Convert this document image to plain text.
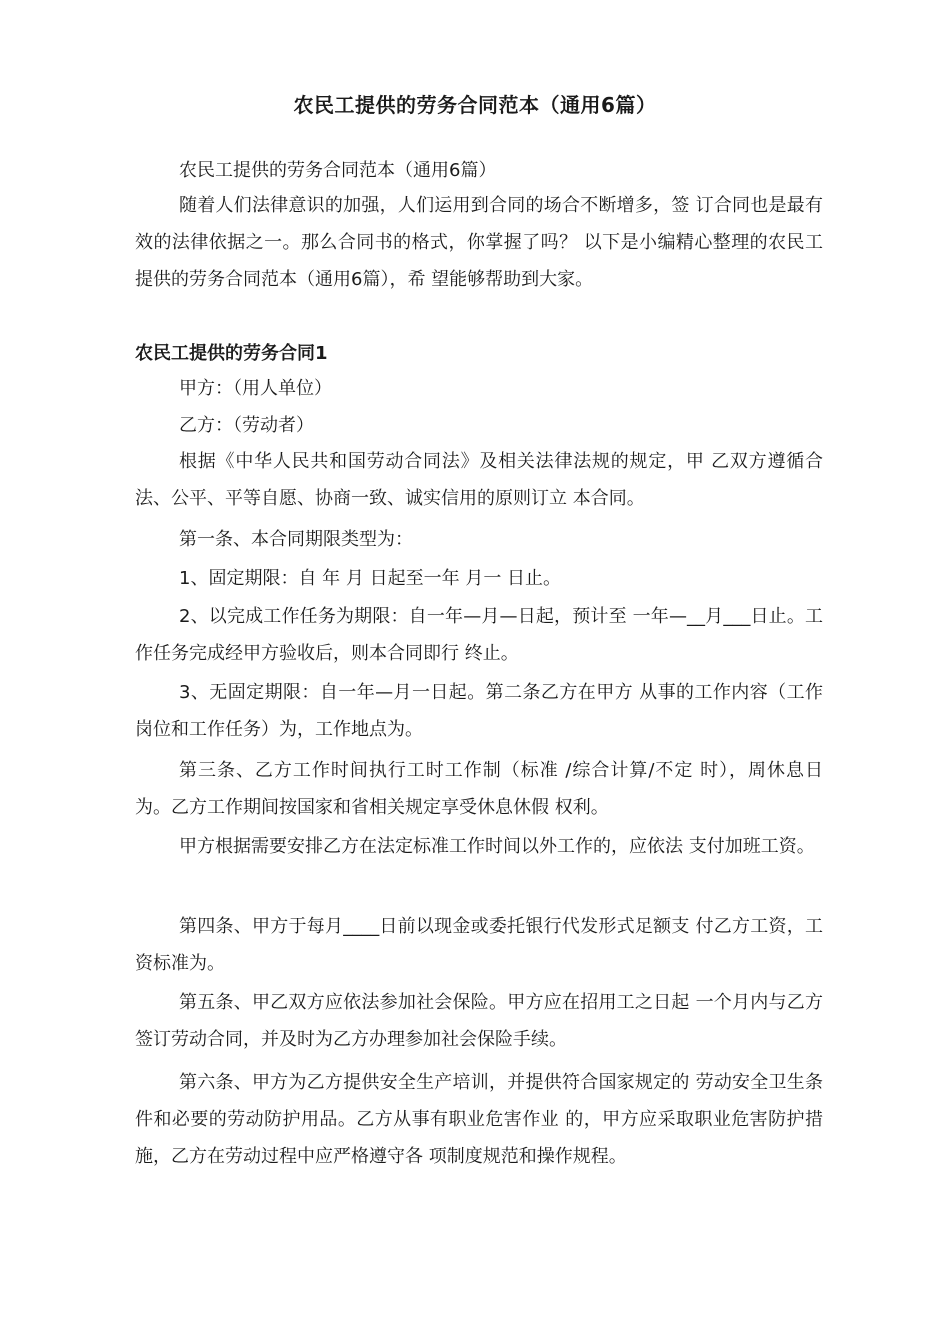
农民工提供的劳务合同范本（通用6篇）

农民工提供的劳务合同范本（通用6篇）

随着人们法律意识的加强，人们运用到合同的场合不断增多，签 订合同也是最有效的法律依据之一。那么合同书的格式，你掌握了吗？ 以下是小编精心整理的农民工提供的劳务合同范本（通用6篇），希 望能够帮助到大家。

农民工提供的劳务合同1

甲方：（用人单位）

乙方：（劳动者）

根据《中华人民共和国劳动合同法》及相关法律法规的规定，甲 乙双方遵循合法、公平、平等自愿、协商一致、诚实信用的原则订立 本合同。

第一条、本合同期限类型为：

1、固定期限：自 年 月 日起至一年 月一 日止。

2、以完成工作任务为期限：自一年—月—日起，预计至 一年—__月___日止。工作任务完成经甲方验收后，则本合同即行 终止。

3、无固定期限：自一年—月一日起。第二条乙方在甲方 从事的工作内容（工作岗位和工作任务）为，工作地点为。

第三条、乙方工作时间执行工时工作制（标准 /综合计算/不定 时），周休息日为。乙方工作期间按国家和省相关规定享受休息休假 权利。

甲方根据需要安排乙方在法定标准工作时间以外工作的，应依法 支付加班工资。

第四条、甲方于每月____日前以现金或委托银行代发形式足额支 付乙方工资，工资标准为。

第五条、甲乙双方应依法参加社会保险。甲方应在招用工之日起 一个月内与乙方签订劳动合同，并及时为乙方办理参加社会保险手续。

第六条、甲方为乙方提供安全生产培训，并提供符合国家规定的 劳动安全卫生条件和必要的劳动防护用品。乙方从事有职业危害作业 的，甲方应采取职业危害防护措施，乙方在劳动过程中应严格遵守各 项制度规范和操作规程。
